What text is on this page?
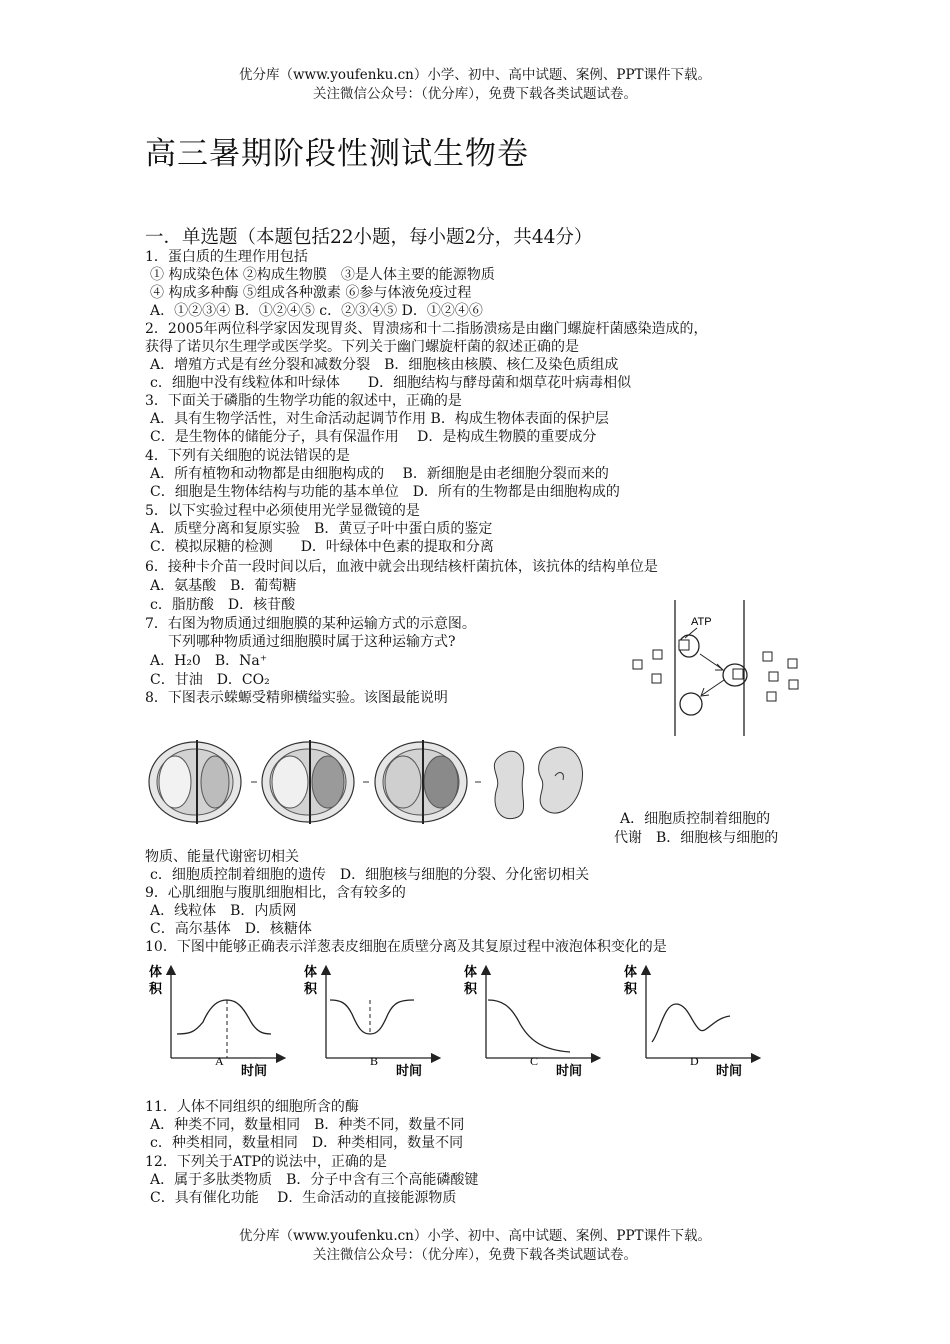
优分库（www.youfenku.cn）小学、初中、高中试题、案例、PPT课件下载。
关注微信公众号：（优分库），免费下载各类试题试卷。
高三暑期阶段性测试生物卷
一．单选题（本题包括22小题，每小题2分，共44分）
1．蛋白质的生理作用包括
① 构成染色体 ②构成生物膜　③是人体主要的能源物质
④ 构成多种酶 ⑤组成各种激素 ⑥参与体液免疫过程
A．①②③④ B．①②④⑤ c．②③④⑤ D．①②④⑥
2．2005年两位科学家因发现胃炎、胃溃疡和十二指肠溃疡是由幽门螺旋杆菌感染造成的，
获得了诺贝尔生理学或医学奖。下列关于幽门螺旋杆菌的叙述正确的是
A．增殖方式是有丝分裂和减数分裂　B．细胞核由核膜、核仁及染色质组成
c．细胞中没有线粒体和叶绿体　　D．细胞结构与酵母菌和烟草花叶病毒相似
3．下面关于磷脂的生物学功能的叙述中，正确的是
A．具有生物学活性，对生命活动起调节作用 B．构成生物体表面的保护层
C．是生物体的储能分子，具有保温作用　 D．是构成生物膜的重要成分
4．下列有关细胞的说法错误的是
A．所有植物和动物都是由细胞构成的　 B．新细胞是由老细胞分裂而来的
C．细胞是生物体结构与功能的基本单位　D．所有的生物都是由细胞构成的
5．以下实验过程中必须使用光学显微镜的是
A．质壁分离和复原实验　B．黄豆子叶中蛋白质的鉴定
C．模拟尿糖的检测　　D．叶绿体中色素的提取和分离
6．接种卡介苗一段时间以后，血液中就会出现结核杆菌抗体，该抗体的结构单位是
A．氨基酸　B．葡萄糖
c．脂肪酸　D．核苷酸
7．右图为物质通过细胞膜的某种运输方式的示意图。
下列哪种物质通过细胞膜时属于这种运输方式?
A．H₂0　B．Na⁺
C．甘油　D．CO₂
8．下图表示蝾螈受精卵横缢实验。该图最能说明
ATP
A．细胞质控制着细胞的
代谢　B．细胞核与细胞的
物质、能量代谢密切相关
c．细胞质控制着细胞的遗传　D．细胞核与细胞的分裂、分化密切相关
9．心肌细胞与腹肌细胞相比，含有较多的
A．线粒体　B．内质网
C．高尔基体　D．核糖体
10．下图中能够正确表示洋葱表皮细胞在质壁分离及其复原过程中液泡体积变化的是
体
积
时间
A
体
积
时间
B
体
积
时间
C
体
积
时间
D
11．人体不同组织的细胞所含的酶
A．种类不同，数量相同　B．种类不同，数量不同
c．种类相同，数量相同　D．种类相同，数量不同
12．下列关于ATP的说法中，正确的是
A．属于多肽类物质　B．分子中含有三个高能磷酸键
C．具有催化功能　 D．生命活动的直接能源物质
优分库（www.youfenku.cn）小学、初中、高中试题、案例、PPT课件下载。
关注微信公众号：（优分库），免费下载各类试题试卷。
